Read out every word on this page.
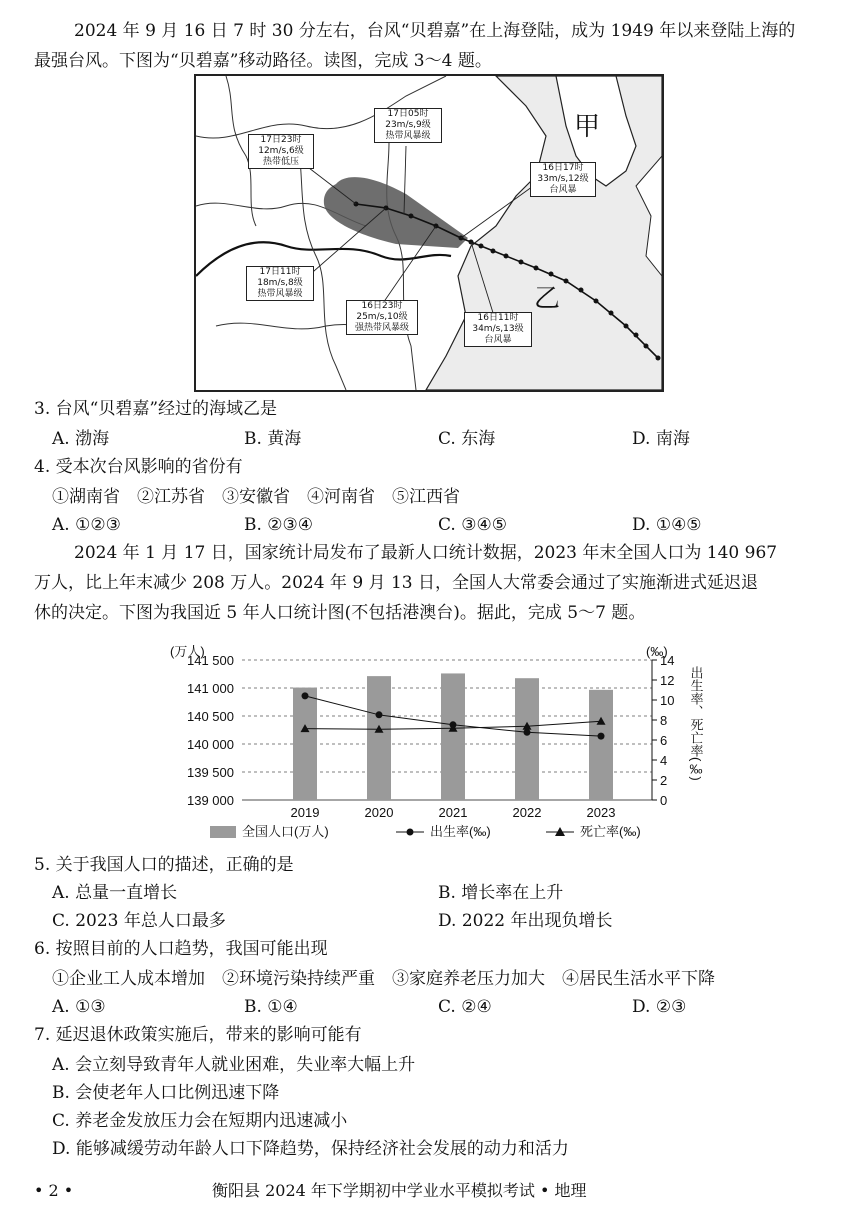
2024 年 9 月 16 日 7 时 30 分左右，台风“贝碧嘉”在上海登陆，成为 1949 年以来登陆上海的
最强台风。下图为“贝碧嘉”移动路径。读图，完成 3～4 题。
甲
乙
17日23时
12m/s,6级
热带低压
17日05时
23m/s,9级
热带风暴级
16日17时
33m/s,12级
台风暴
17日11时
18m/s,8级
热带风暴级
16日23时
25m/s,10级
强热带风暴级
16日11时
34m/s,13级
台风暴
3. 台风“贝碧嘉”经过的海域乙是
A. 渤海	B. 黄海	C. 东海	D. 南海
4. 受本次台风影响的省份有
①湖南省　②江苏省　③安徽省　④河南省　⑤江西省
A. ①②③	B. ②③④	C. ③④⑤	D. ①④⑤
2024 年 1 月 17 日，国家统计局发布了最新人口统计数据，2023 年末全国人口为 140 967
万人，比上年末减少 208 万人。2024 年 9 月 13 日，全国人大常委会通过了实施渐进式延迟退
休的决定。下图为我国近 5 年人口统计图(不包括港澳台)。据此，完成 5～7 题。
141 500
141 000
140 500
140 000
139 500
139 000
(万人)
14
12
10
8
6
4
2
0
(‰)
出生率、死亡率(‰)
2019	2020	2021	2022	2023
全国人口(万人)	出生率(‰)	死亡率(‰)
5. 关于我国人口的描述，正确的是
A. 总量一直增长	B. 增长率在上升
C. 2023 年总人口最多	D. 2022 年出现负增长
6. 按照目前的人口趋势，我国可能出现
①企业工人成本增加　②环境污染持续严重　③家庭养老压力加大　④居民生活水平下降
A. ①③	B. ①④	C. ②④	D. ②③
7. 延迟退休政策实施后，带来的影响可能有
A. 会立刻导致青年人就业困难，失业率大幅上升
B. 会使老年人口比例迅速下降
C. 养老金发放压力会在短期内迅速减小
D. 能够减缓劳动年龄人口下降趋势，保持经济社会发展的动力和活力
• 2 •	衡阳县 2024 年下学期初中学业水平模拟考试 • 地理
